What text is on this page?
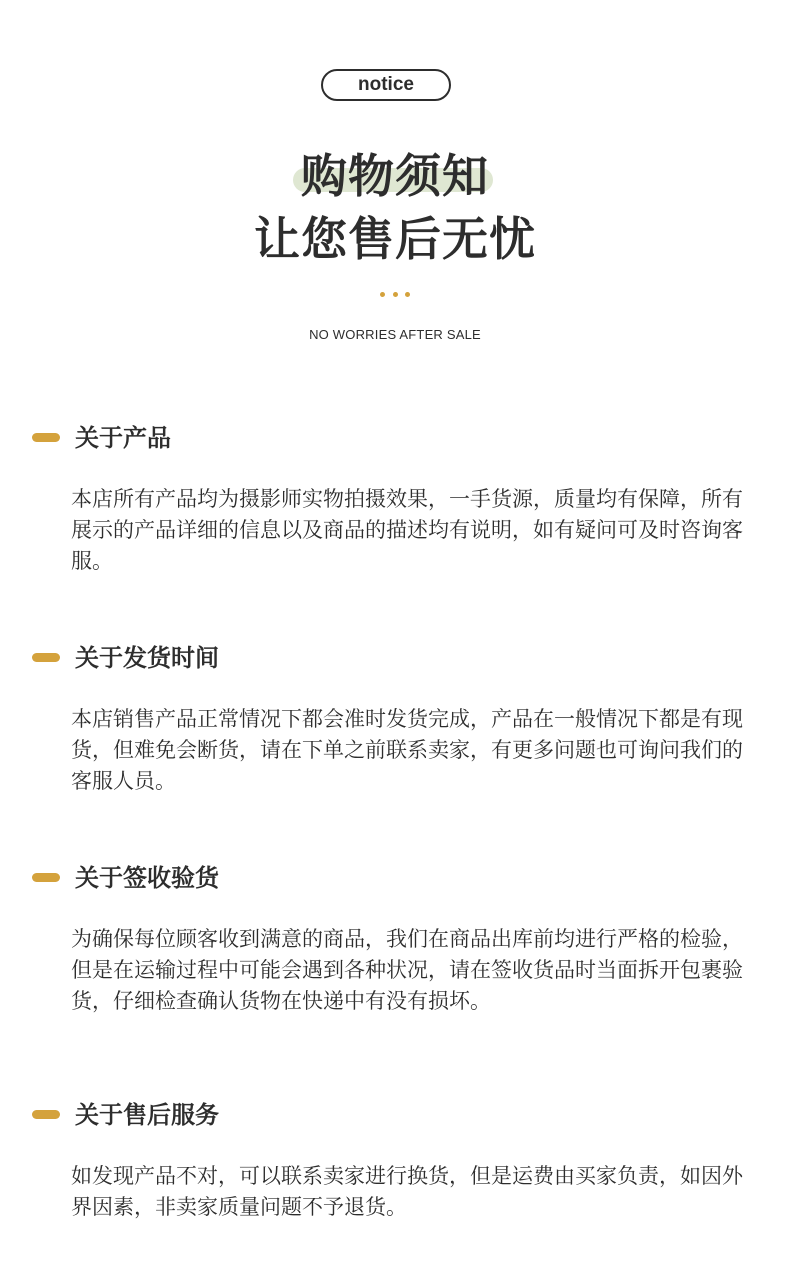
notice
购物须知
让您售后无忧

NO WORRIES AFTER SALE
关于产品
本店所有产品均为摄影师实物拍摄效果，一手货源，质量均有保障，所有展示的产品详细的信息以及商品的描述均有说明，如有疑问可及时咨询客服。
关于发货时间
本店销售产品正常情况下都会准时发货完成，产品在一般情况下都是有现货，但难免会断货，请在下单之前联系卖家，有更多问题也可询问我们的客服人员。
关于签收验货
为确保每位顾客收到满意的商品，我们在商品出库前均进行严格的检验，但是在运输过程中可能会遇到各种状况，请在签收货品时当面拆开包裹验货，仔细检查确认货物在快递中有没有损坏。
关于售后服务
如发现产品不对，可以联系卖家进行换货，但是运费由买家负责，如因外界因素，非卖家质量问题不予退货。
